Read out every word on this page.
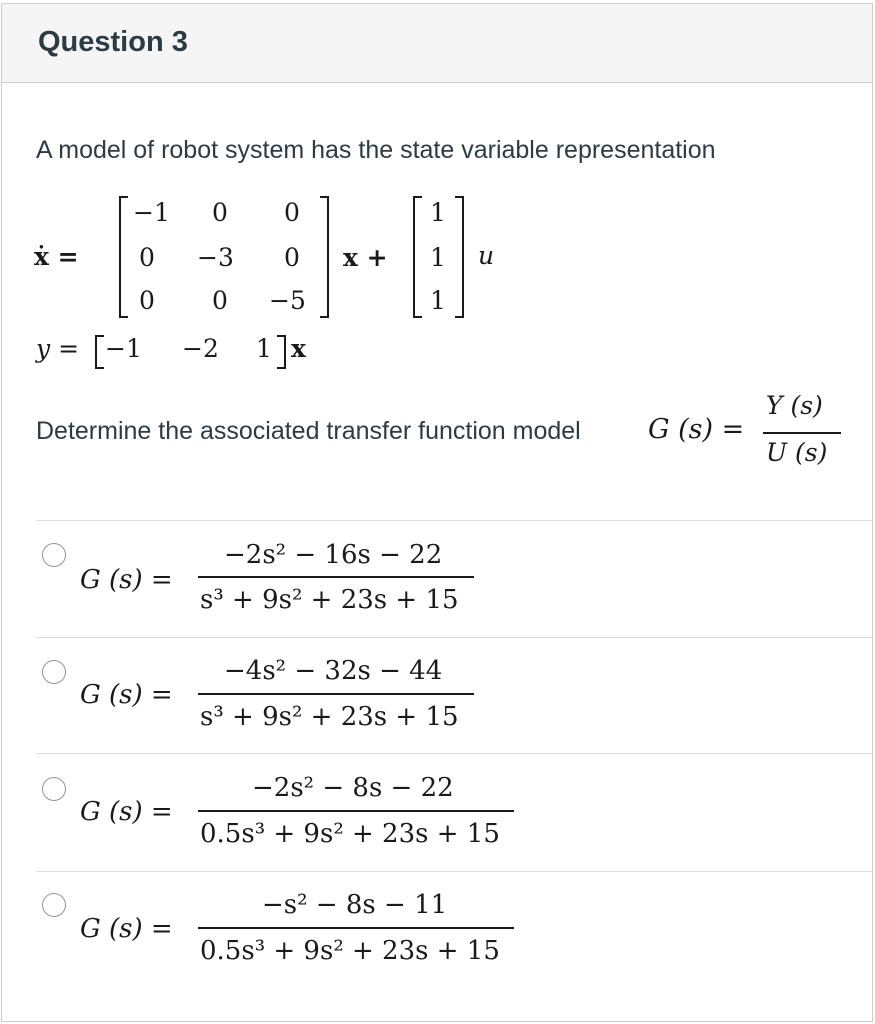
Question 3
A model of robot system has the state variable representation
ẋ =
−1 0 0
0 −3 0
0 0 −5
x +
1
1
1
u
y = −1 −2 1 x
Determine the associated transfer function model G (s) =
Y (s)
U (s)
G (s) =
−2s² − 16s − 22
s³ + 9s² + 23s + 15
G (s) =
−4s² − 32s − 44
s³ + 9s² + 23s + 15
G (s) =
−2s² − 8s − 22
0.5s³ + 9s² + 23s + 15
G (s) =
−s² − 8s − 11
0.5s³ + 9s² + 23s + 15
